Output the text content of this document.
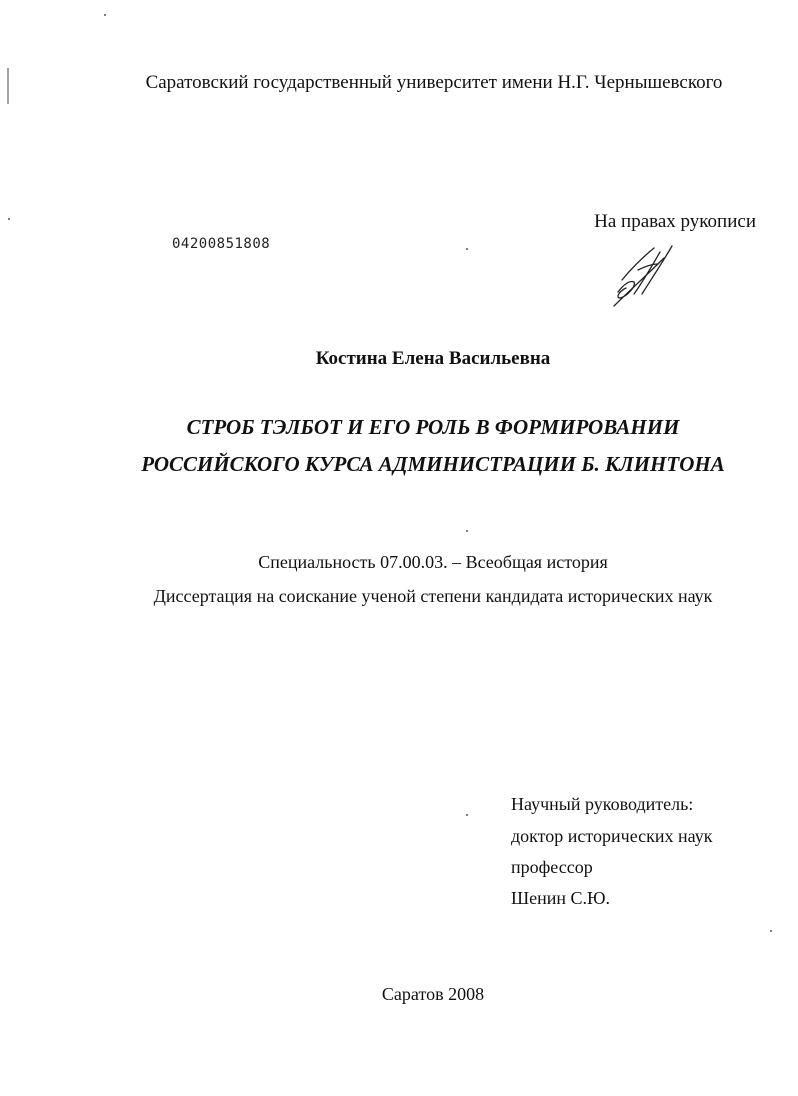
Саратовский государственный университет имени Н.Г. Чернышевского
На правах рукописи
04200851808
Костина Елена Васильевна
СТРОБ ТЭЛБОТ И ЕГО РОЛЬ В ФОРМИРОВАНИИ
РОССИЙСКОГО КУРСА АДМИНИСТРАЦИИ Б. КЛИНТОНА
Специальность 07.00.03. – Всеобщая история
Диссертация на соискание ученой степени кандидата исторических наук
Научный руководитель:
доктор исторических наук
профессор
Шенин С.Ю.
Саратов 2008
